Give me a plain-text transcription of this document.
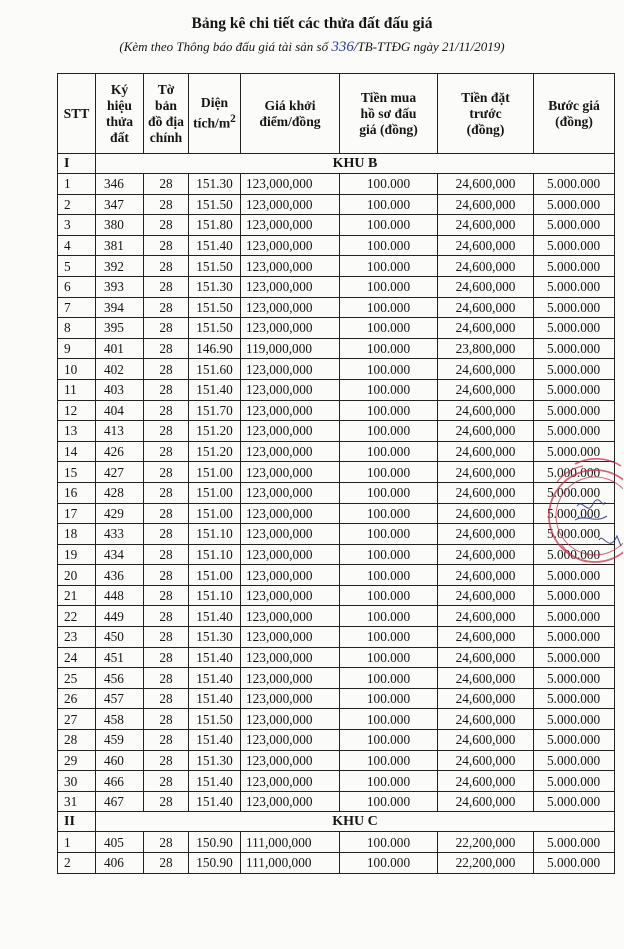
Bảng kê chi tiết các thửa đất đấu giá
(Kèm theo Thông báo đấu giá tài sản số 336/TB-TTĐG ngày 21/11/2019)
STT	Ký
hiệu
thửa
đất	Tờ
bản
đồ địa
chính	Diện
tích/$m^2$	Giá khởi
điểm/đồng	Tiền mua
hồ sơ đấu
giá (đồng)	Tiền đặt
trước
(đồng)	Bước giá
(đồng)
I	KHU B						
1	346	28	151.30	123,000,000	100.000	24,600,000	5.000.000
2	347	28	151.50	123,000,000	100.000	24,600,000	5.000.000
3	380	28	151.80	123,000,000	100.000	24,600,000	5.000.000
4	381	28	151.40	123,000,000	100.000	24,600,000	5.000.000
5	392	28	151.50	123,000,000	100.000	24,600,000	5.000.000
6	393	28	151.30	123,000,000	100.000	24,600,000	5.000.000
7	394	28	151.50	123,000,000	100.000	24,600,000	5.000.000
8	395	28	151.50	123,000,000	100.000	24,600,000	5.000.000
9	401	28	146.90	119,000,000	100.000	23,800,000	5.000.000
10	402	28	151.60	123,000,000	100.000	24,600,000	5.000.000
11	403	28	151.40	123,000,000	100.000	24,600,000	5.000.000
12	404	28	151.70	123,000,000	100.000	24,600,000	5.000.000
13	413	28	151.20	123,000,000	100.000	24,600,000	5.000.000
14	426	28	151.20	123,000,000	100.000	24,600,000	5.000.000
15	427	28	151.00	123,000,000	100.000	24,600,000	5.000.000
16	428	28	151.00	123,000,000	100.000	24,600,000	5.000.000
17	429	28	151.00	123,000,000	100.000	24,600,000	5.000.000
18	433	28	151.10	123,000,000	100.000	24,600,000	5.000.000
19	434	28	151.10	123,000,000	100.000	24,600,000	5.000.000
20	436	28	151.00	123,000,000	100.000	24,600,000	5.000.000
21	448	28	151.10	123,000,000	100.000	24,600,000	5.000.000
22	449	28	151.40	123,000,000	100.000	24,600,000	5.000.000
23	450	28	151.30	123,000,000	100.000	24,600,000	5.000.000
24	451	28	151.40	123,000,000	100.000	24,600,000	5.000.000
25	456	28	151.40	123,000,000	100.000	24,600,000	5.000.000
26	457	28	151.40	123,000,000	100.000	24,600,000	5.000.000
27	458	28	151.50	123,000,000	100.000	24,600,000	5.000.000
28	459	28	151.40	123,000,000	100.000	24,600,000	5.000.000
29	460	28	151.30	123,000,000	100.000	24,600,000	5.000.000
30	466	28	151.40	123,000,000	100.000	24,600,000	5.000.000
31	467	28	151.40	123,000,000	100.000	24,600,000	5.000.000
II	KHU C						
1	405	28	150.90	111,000,000	100.000	22,200,000	5.000.000
2	406	28	150.90	111,000,000	100.000	22,200,000	5.000.000
